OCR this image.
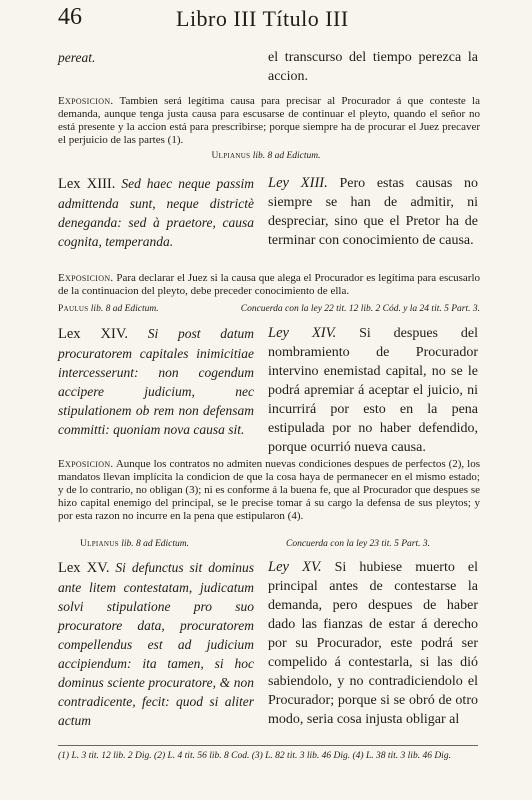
46	Libro III Título III
pereat.	el transcurso del tiempo perezca la accion.
Exposicion. Tambien será legítima causa para precisar al Procurador á que conteste la demanda, aunque tenga justa causa para escusarse de continuar el pleyto, quando el señor no está presente y la accion está para prescribirse; porque siempre ha de procurar el Juez precaver el perjuicio de las partes (1).
Ulpianus lib. 8 ad Edictum.
Lex XIII. Sed haec neque passim admittenda sunt, neque districtè deneganda: sed à praetore, causa cognita, temperanda.
Ley XIII. Pero estas causas no siempre se han de admitir, ni despreciar, sino que el Pretor ha de terminar con conocimiento de causa.
Exposicion. Para declarar el Juez si la causa que alega el Procurador es legítima para escusarlo de la continuacion del pleyto, debe preceder conocimiento de ella.
Paulus lib. 8 ad Edictum.	Concuerda con la ley 22 tit. 12 lib. 2 Cód. y la 24 tit. 5 Part. 3.
Lex XIV. Si post datum procuratorem capitales inimicitiae intercesserunt: non cogendum accipere judicium, nec stipulationem ob rem non defensam committi: quoniam nova causa sit.
Ley XIV. Si despues del nombramiento de Procurador intervino enemistad capital, no se le podrá apremiar á aceptar el juicio, ni incurrirá por esto en la pena estipulada por no haber defendido, porque ocurrió nueva causa.
Exposicion. Aunque los contratos no admiten nuevas condiciones despues de perfectos (2), los mandatos llevan implícita la condicion de que la cosa haya de permanecer en el mismo estado; y de lo contrario, no obligan (3); ni es conforme á la buena fe, que al Procurador que despues se hizo capital enemigo del principal, se le precise tomar á su cargo la defensa de sus pleytos; y por esta razon no incurre en la pena que estipularon (4).
Ulpianus lib. 8 ad Edictum.	Concuerda con la ley 23 tit. 5 Part. 3.
Lex XV. Si defunctus sit dominus ante litem contestatam, judicatum solvi stipulatione pro suo procuratore data, procuratorem compellendus est ad judicium accipiendum: ita tamen, si hoc dominus sciente procuratore, & non contradicente, fecit: quod si aliter actum
Ley XV. Si hubiese muerto el principal antes de contestarse la demanda, pero despues de haber dado las fianzas de estar á derecho por su Procurador, este podrá ser compelido á contestarla, si las dió sabiendolo, y no contradiciendolo el Procurador; porque si se obró de otro modo, seria cosa injusta obligar al
(1) L. 3 tit. 12 lib. 2 Dig. (2) L. 4 tit. 56 lib. 8 Cod. (3) L. 82 tit. 3 lib. 46 Dig. (4) L. 38 tit. 3 lib. 46 Dig.
